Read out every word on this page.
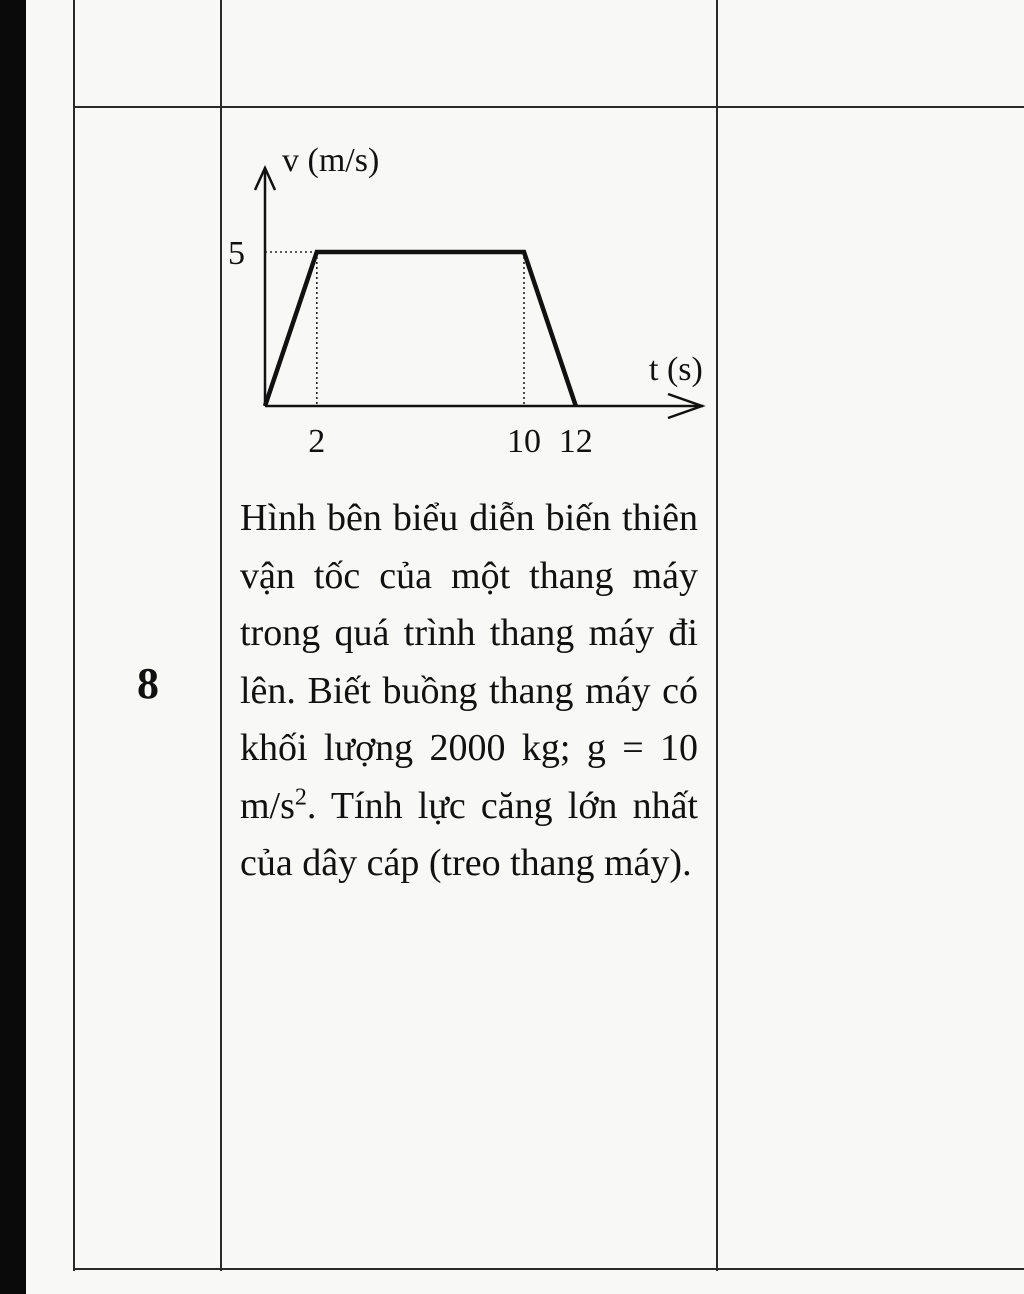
8
v (m/s)
t (s)
2	10 12
5

Hình bên biểu diễn biến thiên vận tốc của một thang máy trong quá trình thang máy đi lên. Biết buồng thang máy có khối lượng 2000 kg; g = 10 $m/s^2$. Tính lực căng lớn nhất của dây cáp (treo thang máy).
